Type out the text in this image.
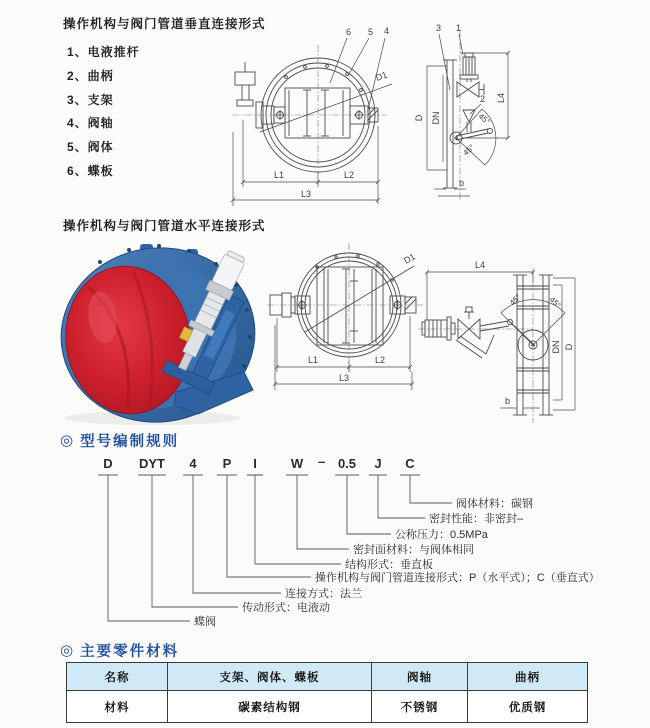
操作机构与阀门管道垂直连接形式
1、电液推杆
2、曲柄
3、支架
4、阀轴
5、阀体
6、蝶板
6 5 4
D1
L1	L2
L3
3 1
2
D DN
L4
45°
45°
b
操作机构与阀门管道水平连接形式
D1
L1	L2
L3
L4
45°	45°
DN D
b
◎ 型号编制规则
D DYT 4 P I	W	0.5 J C
–
阀体材料：碳钢
密封性能：非密封–
公称压力：0.5MPa
密封面材料：与阀体相同
结构形式：垂直板
操作机构与阀门管道连接形式：P（水平式）；C（垂直式）
连接方式：法兰
传动形式：电液动
蝶阀
◎ 主要零件材料
名称	支架、阀体、蝶板	阀轴	曲柄
材料	碳素结构钢	不锈钢	优质钢
